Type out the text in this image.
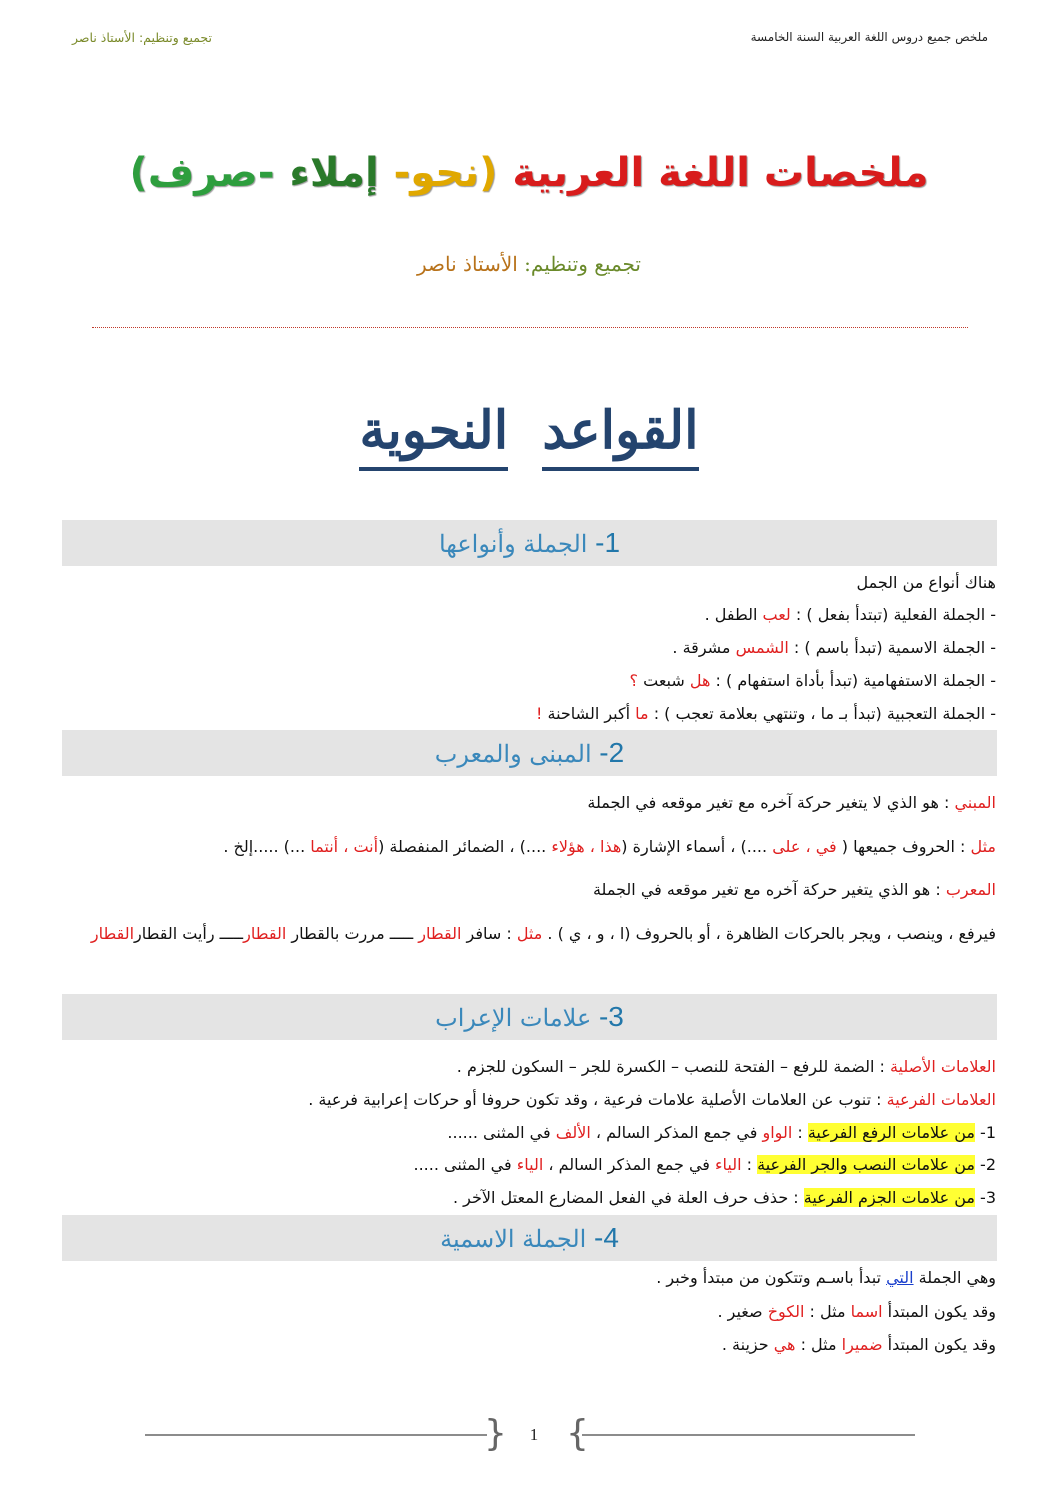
ملخص جميع دروس اللغة العربية السنة الخامسة
تجميع وتنظيم: الأستاذ ناصر
ملخصات اللغة العربية (نحو- إملاء -صرف)
تجميع وتنظيم: الأستاذ ناصر
القواعد النحوية
1- الجملة وأنواعها
هناك أنواع من الجمل
- الجملة الفعلية (تبتدأ بفعل ) : لعب الطفل .
- الجملة الاسمية (تبدأ باسم ) : الشمس مشرقة .
- الجملة الاستفهامية (تبدأ بأداة استفهام ) : هل شبعت ؟
- الجملة التعجبية (تبدأ بـ ما ، وتنتهي بعلامة تعجب ) : ما أكبر الشاحنة !
2- المبنى والمعرب
المبني : هو الذي لا يتغير حركة آخره مع تغير موقعه في الجملة
مثل : الحروف جميعها ( في ، على ....) ، أسماء الإشارة (هذا ، هؤلاء ....) ، الضمائر المنفصلة (أنت ، أنتما ...) .....إلخ .
المعرب : هو الذي يتغير حركة آخره مع تغير موقعه في الجملة
فيرفع ، وينصب ، ويجر بالحركات الظاهرة ، أو بالحروف (ا ، و ، ي ) . مثل : سافر القطار ـــــ مررت بالقطار القطارـــــ رأيت القطارالقطار
3- علامات الإعراب
العلامات الأصلية : الضمة للرفع – الفتحة للنصب – الكسرة للجر – السكون للجزم .
العلامات الفرعية : تنوب عن العلامات الأصلية علامات فرعية ، وقد تكون حروفا أو حركات إعرابية فرعية .
1- من علامات الرفع الفرعية : الواو في جمع المذكر السالم ، الألف في المثنى ......
2- من علامات النصب والجر الفرعية : الياء في جمع المذكر السالم ، الياء في المثنى .....
3- من علامات الجزم الفرعية : حذف حرف العلة في الفعل المضارع المعتل الآخر .
4- الجملة الاسمية
وهي الجملة التي تبدأ باسـم وتتكون من مبتدأ وخبر .
وقد يكون المبتدأ اسما مثل : الكوخ صغير .
وقد يكون المبتدأ ضميرا مثل : هي حزينة .
{ }
1
